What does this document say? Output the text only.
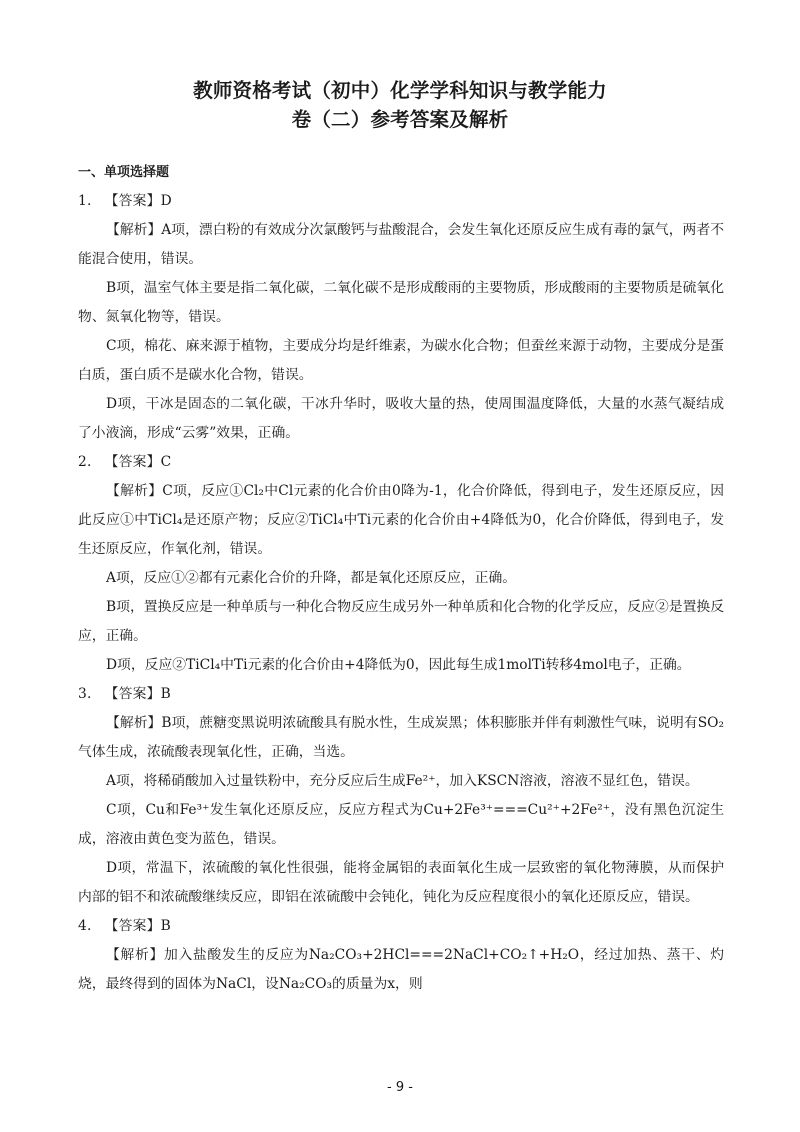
教师资格考试（初中）化学学科知识与教学能力
卷（二）参考答案及解析
一、单项选择题

1. 【答案】D

【解析】A项，漂白粉的有效成分次氯酸钙与盐酸混合，会发生氧化还原反应生成有毒的氯气，两者不能混合使用，错误。

B项，温室气体主要是指二氧化碳，二氧化碳不是形成酸雨的主要物质，形成酸雨的主要物质是硫氧化物、氮氧化物等，错误。

C项，棉花、麻来源于植物，主要成分均是纤维素，为碳水化合物；但蚕丝来源于动物，主要成分是蛋白质，蛋白质不是碳水化合物，错误。

D项，干冰是固态的二氧化碳，干冰升华时，吸收大量的热，使周围温度降低，大量的水蒸气凝结成了小液滴，形成“云雾”效果，正确。

2. 【答案】C

【解析】C项，反应①Cl₂中Cl元素的化合价由0降为-1，化合价降低，得到电子，发生还原反应，因此反应①中TiCl₄是还原产物；反应②TiCl₄中Ti元素的化合价由+4降低为0，化合价降低，得到电子，发生还原反应，作氧化剂，错误。

A项，反应①②都有元素化合价的升降，都是氧化还原反应，正确。

B项，置换反应是一种单质与一种化合物反应生成另外一种单质和化合物的化学反应，反应②是置换反应，正确。

D项，反应②TiCl₄中Ti元素的化合价由+4降低为0，因此每生成1molTi转移4mol电子，正确。

3. 【答案】B

【解析】B项，蔗糖变黑说明浓硫酸具有脱水性，生成炭黑；体积膨胀并伴有刺激性气味，说明有SO₂气体生成，浓硫酸表现氧化性，正确，当选。

A项，将稀硝酸加入过量铁粉中，充分反应后生成Fe²⁺，加入KSCN溶液，溶液不显红色，错误。

C项，Cu和Fe³⁺发生氧化还原反应，反应方程式为Cu+2Fe³⁺===Cu²⁺+2Fe²⁺，没有黑色沉淀生成，溶液由黄色变为蓝色，错误。

D项，常温下，浓硫酸的氧化性很强，能将金属铝的表面氧化生成一层致密的氧化物薄膜，从而保护内部的铝不和浓硫酸继续反应，即铝在浓硫酸中会钝化，钝化为反应程度很小的氧化还原反应，错误。

4. 【答案】B

【解析】加入盐酸发生的反应为Na₂CO₃+2HCl===2NaCl+CO₂↑+H₂O，经过加热、蒸干、灼烧，最终得到的固体为NaCl，设Na₂CO₃的质量为x，则

- 9 -
